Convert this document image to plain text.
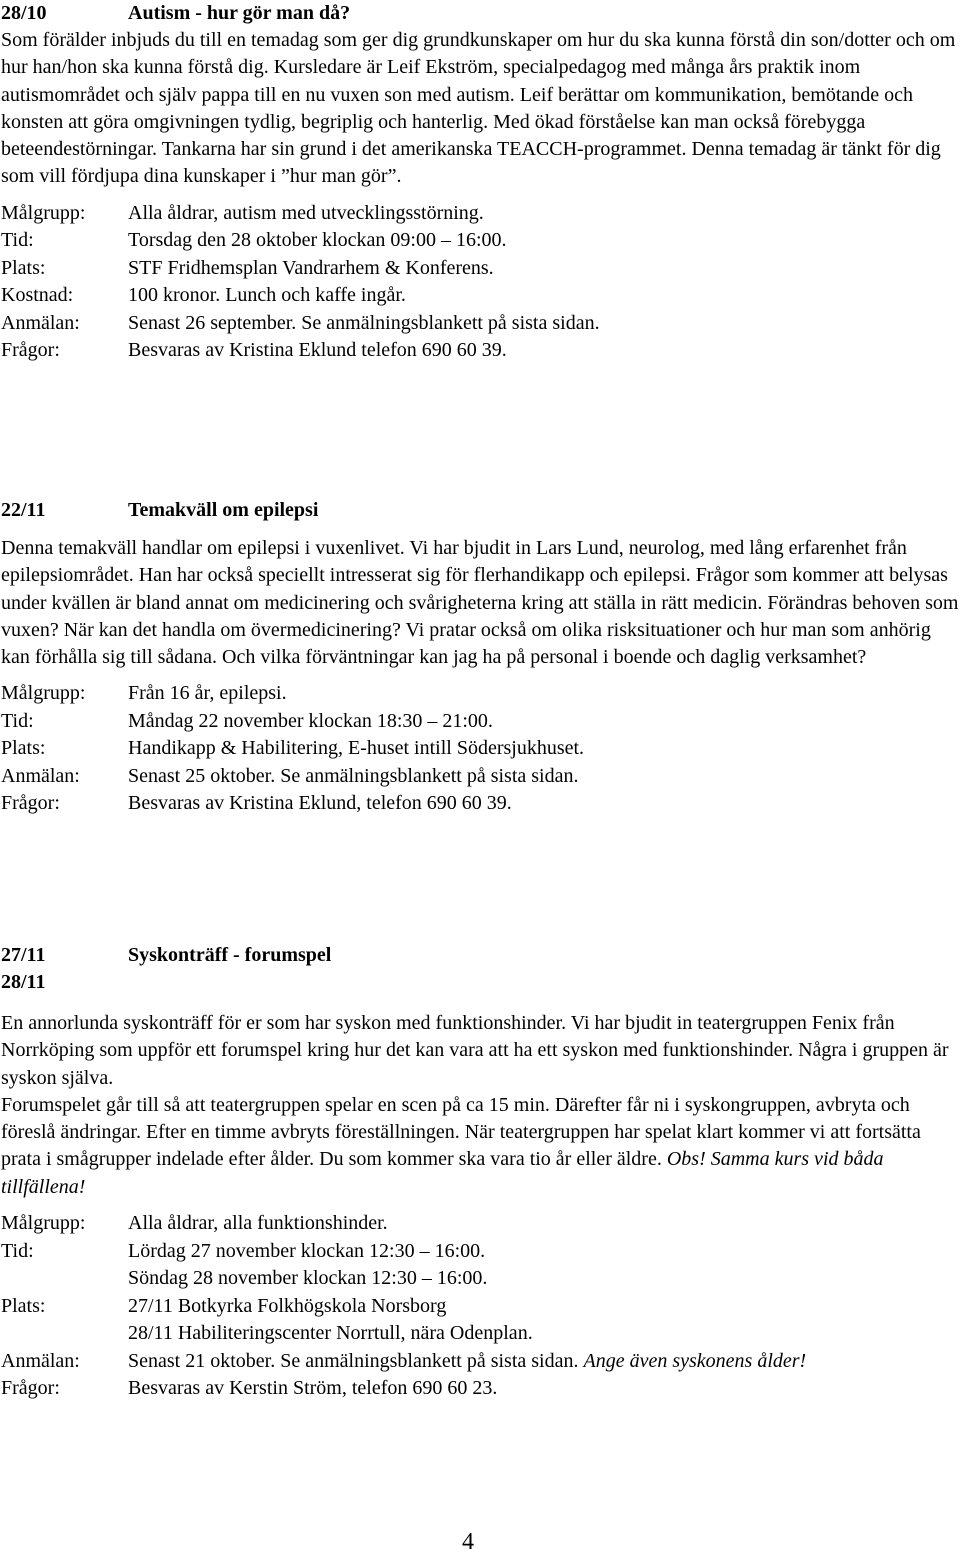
28/10	Autism - hur gör man då?

Som förälder inbjuds du till en temadag som ger dig grundkunskaper om hur du ska kunna förstå din son/dotter och om hur han/hon ska kunna förstå dig. Kursledare är Leif Ekström, specialpedagog med många års praktik inom autismområdet och själv pappa till en nu vuxen son med autism. Leif berättar om kommunikation, bemötande och konsten att göra omgivningen tydlig, begriplig och hanterlig. Med ökad förståelse kan man också förebygga beteendestörningar. Tankarna har sin grund i det amerikanska TEACCH-programmet. Denna temadag är tänkt för dig som vill fördjupa dina kunskaper i ”hur man gör”.

Målgrupp: Alla åldrar, autism med utvecklingsstörning.
Tid:	Torsdag den 28 oktober klockan 09:00 – 16:00.
Plats:	STF Fridhemsplan Vandrarhem & Konferens.
Kostnad:	100 kronor. Lunch och kaffe ingår.
Anmälan: Senast 26 september. Se anmälningsblankett på sista sidan.
Frågor:	Besvaras av Kristina Eklund telefon 690 60 39.
22/11	Temakväll om epilepsi

Denna temakväll handlar om epilepsi i vuxenlivet. Vi har bjudit in Lars Lund, neurolog, med lång erfarenhet från epilepsiområdet. Han har också speciellt intresserat sig för flerhandikapp och epilepsi. Frågor som kommer att belysas under kvällen är bland annat om medicinering och svårigheterna kring att ställa in rätt medicin. Förändras behoven som vuxen? När kan det handla om övermedicinering? Vi pratar också om olika risksituationer och hur man som anhörig kan förhålla sig till sådana. Och vilka förväntningar kan jag ha på personal i boende och daglig verksamhet?

Målgrupp: Från 16 år, epilepsi.
Tid:	Måndag 22 november klockan 18:30 – 21:00.
Plats:	Handikapp & Habilitering, E-huset intill Södersjukhuset.
Anmälan: Senast 25 oktober. Se anmälningsblankett på sista sidan.
Frågor:	Besvaras av Kristina Eklund, telefon 690 60 39.
27/11	Syskonträff - forumspel
28/11

En annorlunda syskonträff för er som har syskon med funktionshinder. Vi har bjudit in teatergruppen Fenix från Norrköping som uppför ett forumspel kring hur det kan vara att ha ett syskon med funktionshinder. Några i gruppen är syskon själva.

Forumspelet går till så att teatergruppen spelar en scen på ca 15 min. Därefter får ni i syskongruppen, avbryta och föreslå ändringar. Efter en timme avbryts föreställningen. När teatergruppen har spelat klart kommer vi att fortsätta prata i smågrupper indelade efter ålder. Du som kommer ska vara tio år eller äldre. Obs! Samma kurs vid båda tillfällena!

Målgrupp: Alla åldrar, alla funktionshinder.
Tid:	Lördag 27 november klockan 12:30 – 16:00.
Söndag 28 november klockan 12:30 – 16:00.
Plats:	27/11 Botkyrka Folkhögskola Norsborg
28/11 Habiliteringscenter Norrtull, nära Odenplan.
Anmälan: Senast 21 oktober. Se anmälningsblankett på sista sidan. Ange även syskonens ålder!
Frågor:	Besvaras av Kerstin Ström, telefon 690 60 23.
4
